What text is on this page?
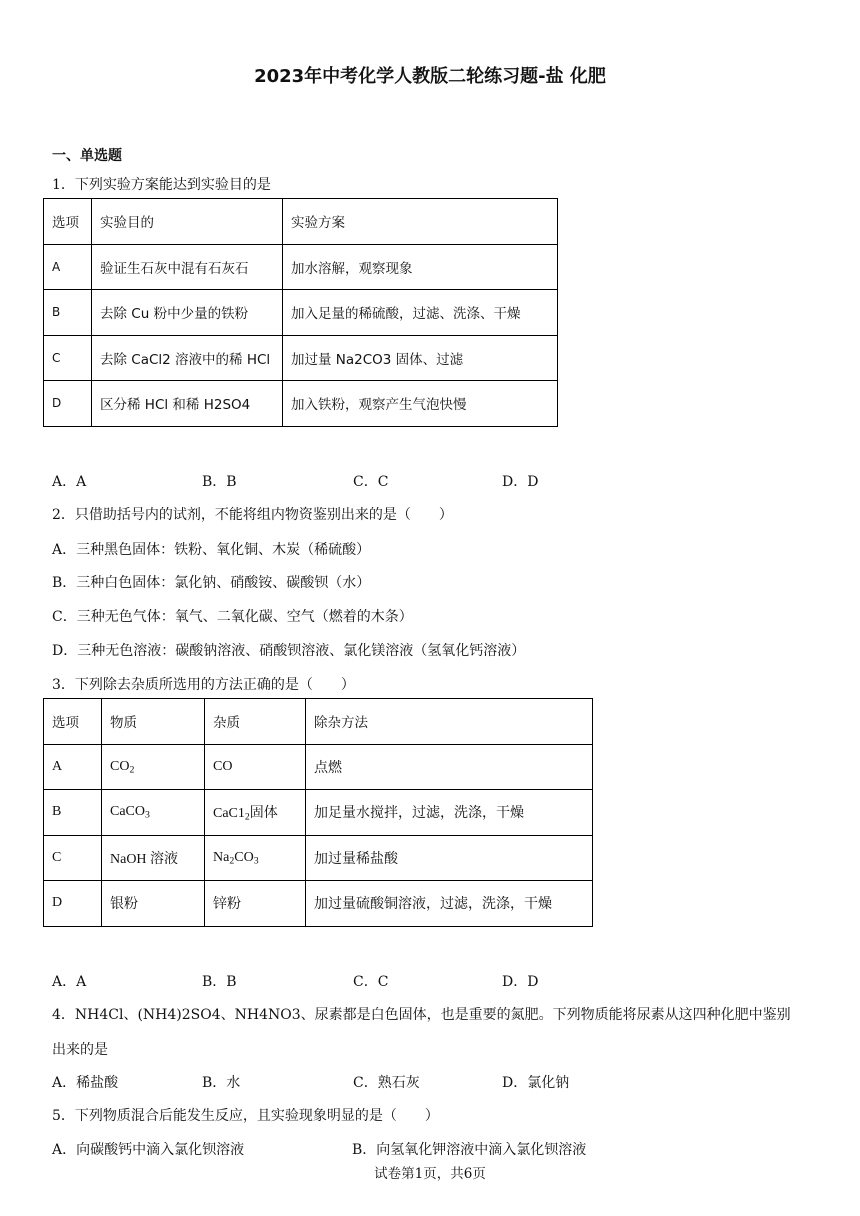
2023年中考化学人教版二轮练习题-盐 化肥
一、单选题
1．下列实验方案能达到实验目的是
选项	实验目的	实验方案
A	验证生石灰中混有石灰石	加水溶解，观察现象
B	去除 Cu 粉中少量的铁粉	加入足量的稀硫酸，过滤、洗涤、干燥
C	去除 CaCl2 溶液中的稀 HCl	加过量 Na2CO3 固体、过滤
D	区分稀 HCl 和稀 H2SO4	加入铁粉，观察产生气泡快慢
A．A	B．B	C．C	D．D
2．只借助括号内的试剂，不能将组内物资鉴别出来的是（　　）
A．三种黑色固体：铁粉、氧化铜、木炭（稀硫酸）
B．三种白色固体：氯化钠、硝酸铵、碳酸钡（水）
C．三种无色气体：氧气、二氧化碳、空气（燃着的木条）
D．三种无色溶液：碳酸钠溶液、硝酸钡溶液、氯化镁溶液（氢氧化钙溶液）
3．下列除去杂质所选用的方法正确的是（　　）
选项	物质	杂质	除杂方法
A	$CO_2$	CO	点燃
B	CaCO$_3$	$CaC1_2$固体	加足量水搅拌，过滤，洗涤，干燥
C	NaOH 溶液	$Na_2CO_3$	加过量稀盐酸
D	银粉	锌粉	加过量硫酸铜溶液，过滤，洗涤，干燥
A．A	B．B	C．C	D．D
4．NH4Cl、(NH4)2SO4、NH4NO3、尿素都是白色固体，也是重要的氮肥。下列物质能将尿素从这四种化肥中鉴别
出来的是
A．稀盐酸	B．水	C．熟石灰	D．氯化钠
5．下列物质混合后能发生反应，且实验现象明显的是（　　）
A．向碳酸钙中滴入氯化钡溶液	B．向氢氧化钾溶液中滴入氯化钡溶液
试卷第1页，共6页
